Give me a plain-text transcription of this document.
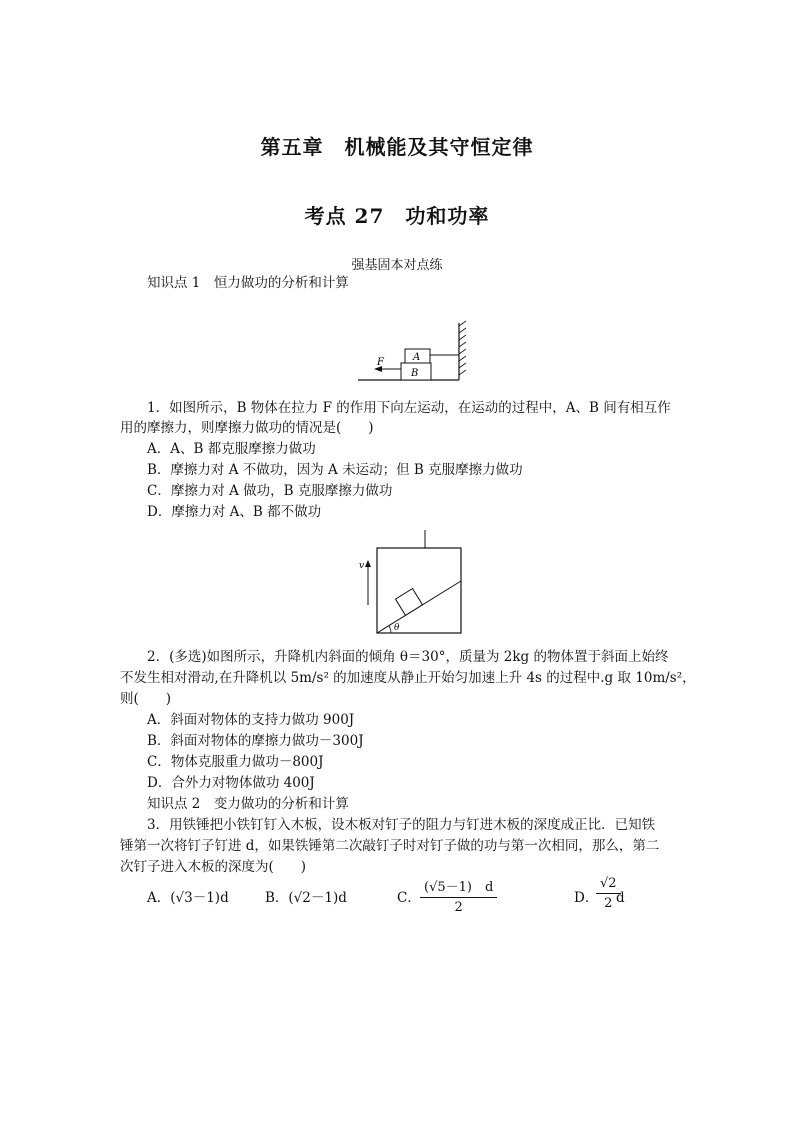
第五章　机械能及其守恒定律
考点 27　功和功率
强基固本对点练
知识点 1　恒力做功的分析和计算
A
B
F
1．如图所示，B 物体在拉力 F 的作用下向左运动，在运动的过程中，A、B 间有相互作
用的摩擦力，则摩擦力做功的情况是(　　)
A．A、B 都克服摩擦力做功
B．摩擦力对 A 不做功，因为 A 未运动；但 B 克服摩擦力做功
C．摩擦力对 A 做功，B 克服摩擦力做功
D．摩擦力对 A、B 都不做功
θ
v
2．(多选)如图所示，升降机内斜面的倾角 θ＝30°，质量为 2kg 的物体置于斜面上始终
不发生相对滑动,在升降机以 5m/s² 的加速度从静止开始匀加速上升 4s 的过程中.g 取 10m/s²，
则(　　)
A．斜面对物体的支持力做功 900J
B．斜面对物体的摩擦力做功－300J
C．物体克服重力做功－800J
D．合外力对物体做功 400J
知识点 2　变力做功的分析和计算
3．用铁锤把小铁钉钉入木板，设木板对钉子的阻力与钉进木板的深度成正比．已知铁
锤第一次将钉子钉进 d，如果铁锤第二次敲钉子时对钉子做的功与第一次相同，那么，第二
次钉子进入木板的深度为(　　)
A．(√3－1)d	B．(√2－1)d	C． $\frac{(√5-1) d}{2}$	D．
$\frac{√2}{2}$
d
